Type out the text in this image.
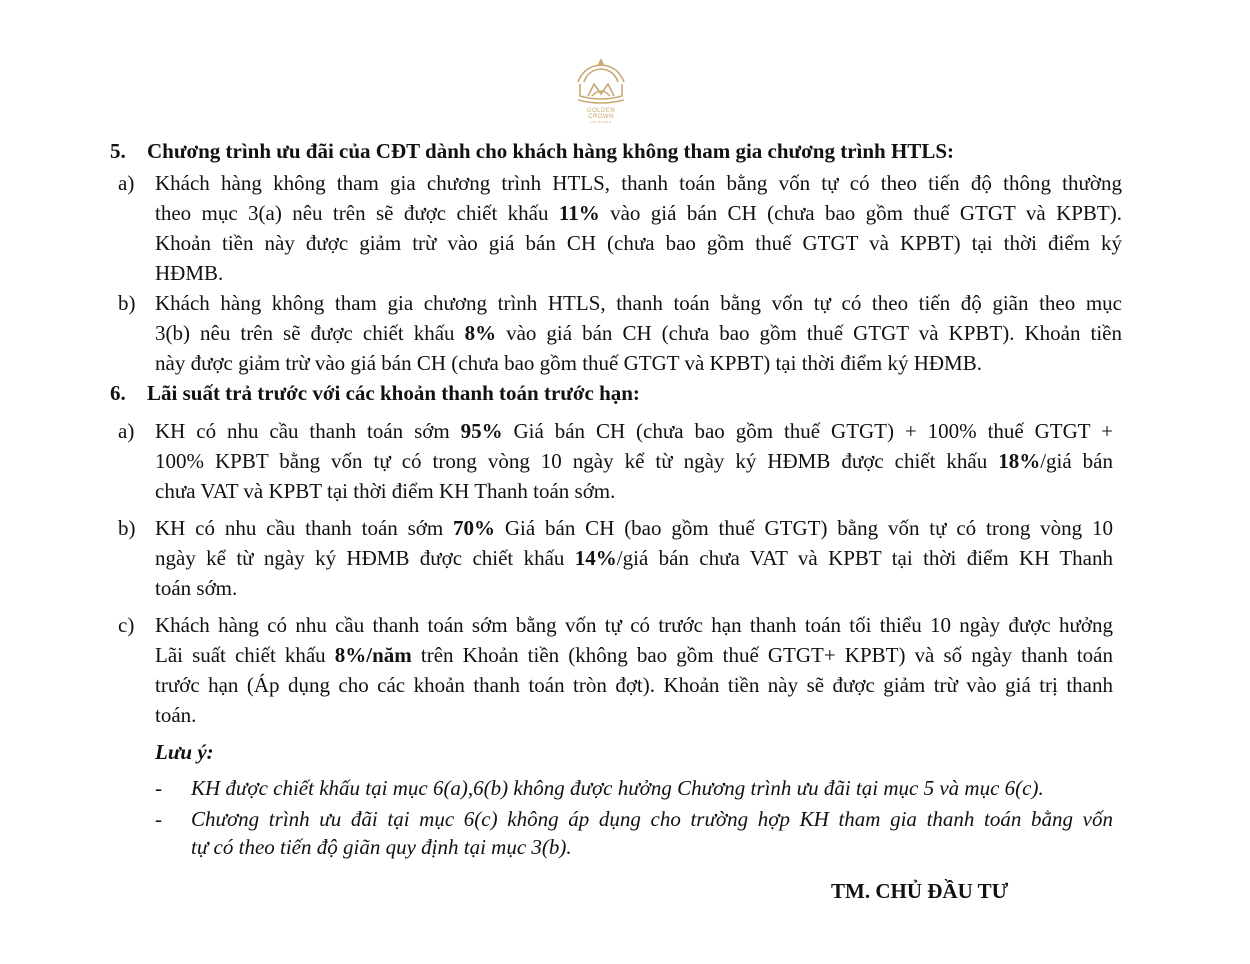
GOLDEN
CROWN
HAI PHONG
5. Chương trình ưu đãi của CĐT dành cho khách hàng không tham gia chương trình HTLS:
a) Khách hàng không tham gia chương trình HTLS, thanh toán bằng vốn tự có theo tiến độ thông thường
theo mục 3(a) nêu trên sẽ được chiết khấu 11% vào giá bán CH (chưa bao gồm thuế GTGT và KPBT).
Khoản tiền này được giảm trừ vào giá bán CH (chưa bao gồm thuế GTGT và KPBT) tại thời điểm ký
HĐMB.
b) Khách hàng không tham gia chương trình HTLS, thanh toán bằng vốn tự có theo tiến độ giãn theo mục
3(b) nêu trên sẽ được chiết khấu 8% vào giá bán CH (chưa bao gồm thuế GTGT và KPBT). Khoản tiền
này được giảm trừ vào giá bán CH (chưa bao gồm thuế GTGT và KPBT) tại thời điểm ký HĐMB.
6. Lãi suất trả trước với các khoản thanh toán trước hạn:
a) KH có nhu cầu thanh toán sớm 95% Giá bán CH (chưa bao gồm thuế GTGT) + 100% thuế GTGT +
100% KPBT bằng vốn tự có trong vòng 10 ngày kể từ ngày ký HĐMB được chiết khấu 18%/giá bán
chưa VAT và KPBT tại thời điểm KH Thanh toán sớm.
b) KH có nhu cầu thanh toán sớm 70% Giá bán CH (bao gồm thuế GTGT) bằng vốn tự có trong vòng 10
ngày kể từ ngày ký HĐMB được chiết khấu 14%/giá bán chưa VAT và KPBT tại thời điểm KH Thanh
toán sớm.
c) Khách hàng có nhu cầu thanh toán sớm bằng vốn tự có trước hạn thanh toán tối thiểu 10 ngày được hưởng
Lãi suất chiết khấu 8%/năm trên Khoản tiền (không bao gồm thuế GTGT+ KPBT) và số ngày thanh toán
trước hạn (Áp dụng cho các khoản thanh toán tròn đợt). Khoản tiền này sẽ được giảm trừ vào giá trị thanh
toán.
Lưu ý:
- KH được chiết khấu tại mục 6(a),6(b) không được hưởng Chương trình ưu đãi tại mục 5 và mục 6(c).
- Chương trình ưu đãi tại mục 6(c) không áp dụng cho trường hợp KH tham gia thanh toán bằng vốn
tự có theo tiến độ giãn quy định tại mục 3(b).
TM. CHỦ ĐẦU TƯ
